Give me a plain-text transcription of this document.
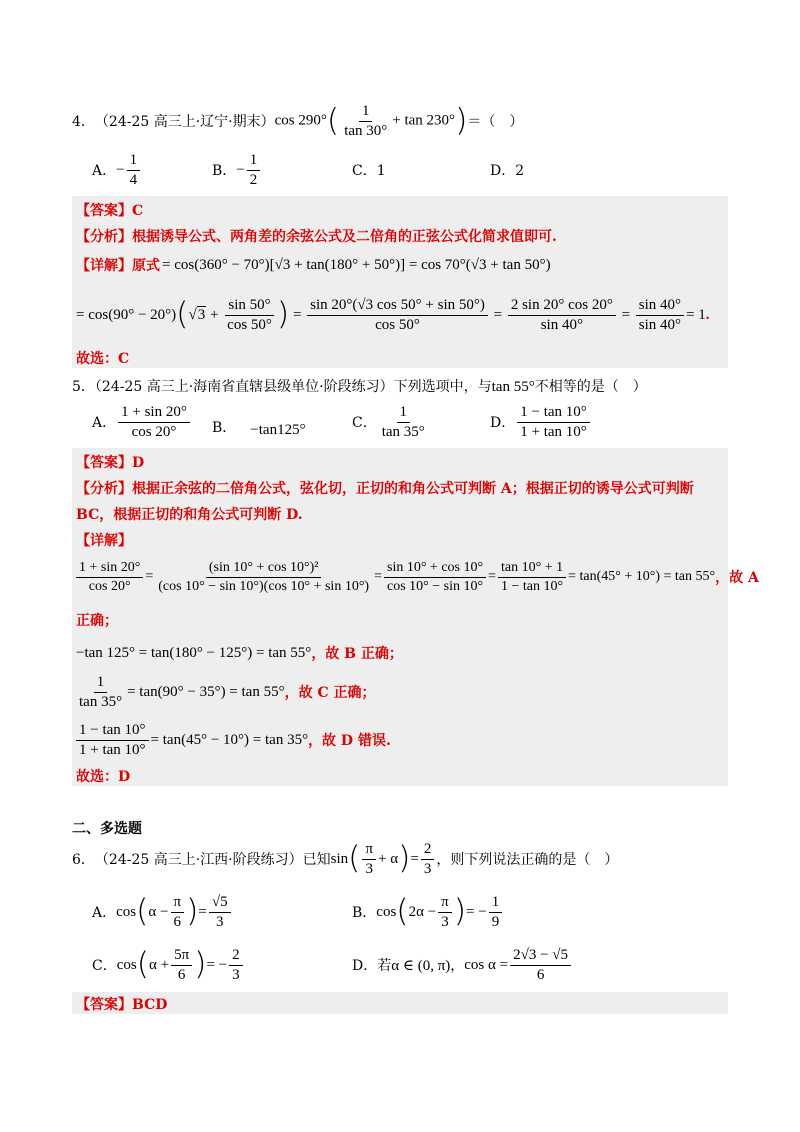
4． （24-25 高三上·辽宁·期末） $\cos 290^\circ( \frac{1}{\tan 30^\circ} + \tan 230^\circ)$ ＝（　）
A． − $\frac{1}{4}$	B． − $\frac{1}{2}$	C．1	D．2
【答案】C
【分析】根据诱导公式、两角差的余弦公式及二倍角的正弦公式化简求值即可.
【详解】原式 = cos(360° − 70°)[√3 + tan(180° + 50°)] = cos 70°(√3 + tan 50°)
= cos(90° − 20°) ( √ $3 + \frac{\sin 50^\circ}{\cos 50^\circ}$ ) = $\frac{\sin 20^\circ(√3 \cos 50^\circ + \sin 50^\circ)}{\cos 50^\circ} = \frac{2 \sin 20^\circ \cos 20^\circ}{\sin 40^\circ} = \frac{\sin 40^\circ}{\sin 40^\circ} = 1$ .
故选：C
5．（24-25 高三上·海南省直辖县级单位·阶段练习）下列选项中，与tan 55°不相等的是（　）
A． $\frac{1 + \sin 20^\circ}{\cos 20^\circ}$ B． −tan125°	C． $\frac{1}{\tan 35^\circ}$	D． $\frac{1 - \tan 10^\circ}{1 + \tan 10^\circ}$
【答案】D
【分析】根据正余弦的二倍角公式，弦化切，正切的和角公式可判断 A；根据正切的诱导公式可判断
BC，根据正切的和角公式可判断 D.
【详解】
$\frac{1 + \sin 20^\circ}{\cos 20^\circ} = \frac{\text{(sin 10° + cos 10°)²}}{(\cos 10^\circ - \sin 10^\circ)(\cos 10^\circ + \sin 10^\circ)} = \frac{\sin 10^\circ + \cos 10^\circ}{\cos 10^\circ - \sin 10^\circ} = \frac{\tan 10^\circ + 1}{1 - \tan 10^\circ} = \tan(45^\circ + 10^\circ) = \tan 55^\circ$ ，故 A
正确；
−tan 125° = tan(180° − 125°) = tan 55° ，故 B 正确；
$\frac{1}{\tan 35^\circ} = \tan(90^\circ - 35^\circ) = \tan 55^\circ$ ，故 C 正确；
$\frac{1 - \tan 10^\circ}{1 + \tan 10^\circ} = \tan(45^\circ - 10^\circ) = \tan 35^\circ$ ，故 D 错误.
故选：D
二、多选题
6． （24-25 高三上·江西·阶段练习）已知 sin ( $\frac{\pi}{3} + \alpha$ ) = $\frac{2}{3}$ ，则下列说法正确的是（　）
A． cos ( $\alpha - \frac{\pi}{6}$ ) = $\frac{√5}{3}$	B． cos ( $2\alpha - \frac{\pi}{3}$ ) = − $\frac{1}{9}$
C． cos ( $\alpha + \frac{5\pi}{6}$ ) = − $\frac{2}{3}$	D． 若 α ∈ (0, π) ， $\cos \alpha = \frac{2√3 - √5}{6}$
【答案】BCD
